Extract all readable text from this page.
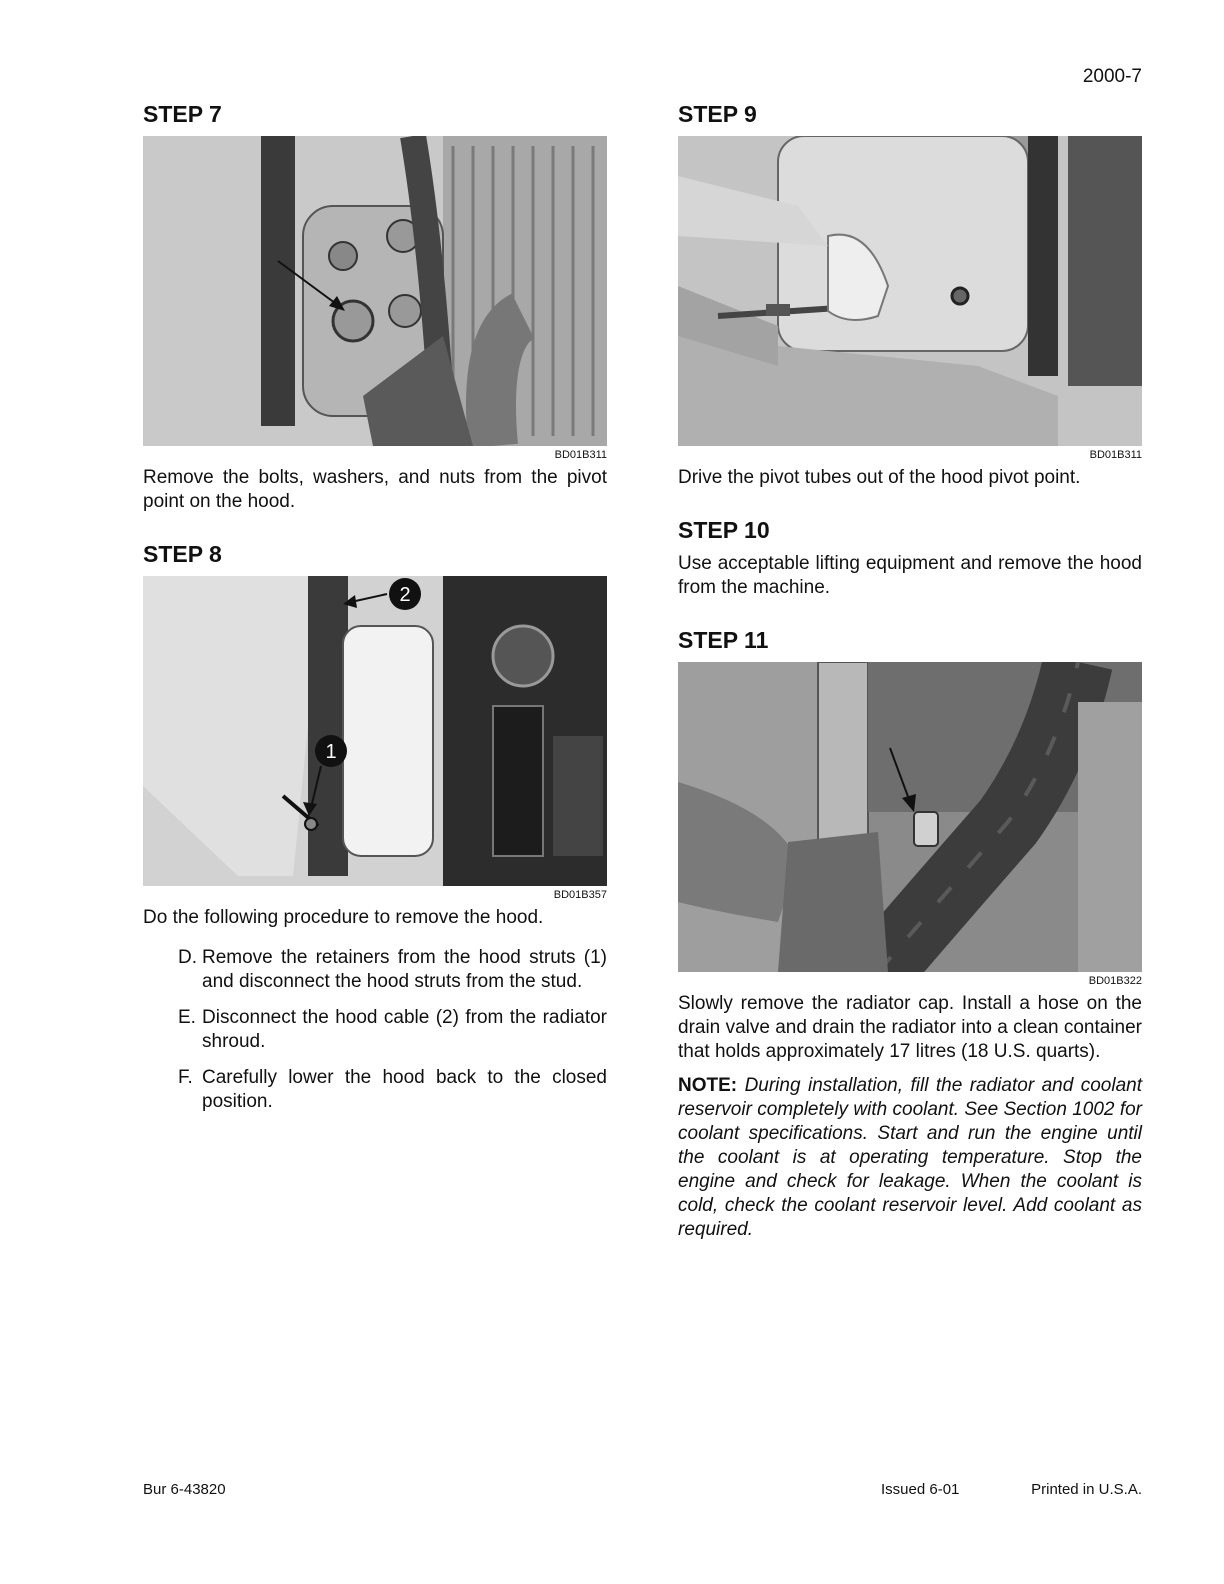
2000-7
STEP 7
BD01B311

Remove the bolts, washers, and nuts from the pivot point on the hood.

STEP 8
1
2
BD01B357

Do the following procedure to remove the hood.

D. Remove the retainers from the hood struts (1) and disconnect the hood struts from the stud.
E. Disconnect the hood cable (2) from the radiator shroud.
F. Carefully lower the hood back to the closed position.
STEP 9
BD01B311

Drive the pivot tubes out of the hood pivot point.

STEP 10

Use acceptable lifting equipment and remove the hood from the machine.

STEP 11
BD01B322

Slowly remove the radiator cap. Install a hose on the drain valve and drain the radiator into a clean container that holds approximately 17 litres (18 U.S. quarts).

NOTE: During installation, fill the radiator and coolant reservoir completely with coolant. See Section 1002 for coolant specifications. Start and run the engine until the coolant is at operating temperature. Stop the engine and check for leakage. When the coolant is cold, check the coolant reservoir level. Add coolant as required.
Bur 6-43820	Issued 6-01	Printed in U.S.A.
